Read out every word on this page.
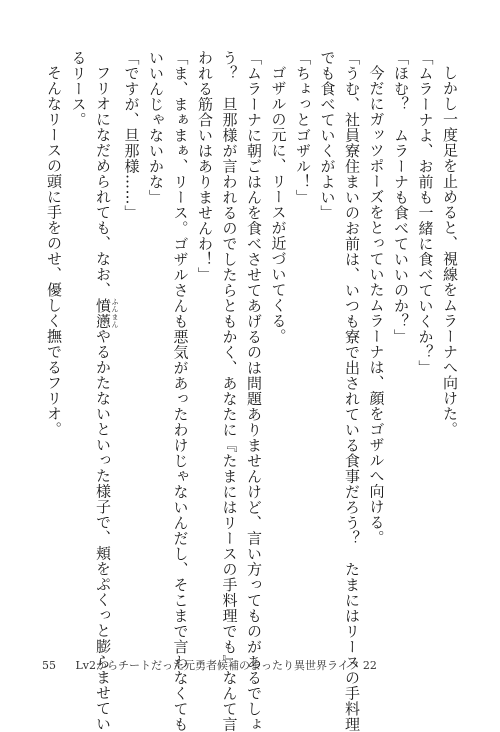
しかし一度足を止めると、視線をムラーナへ向けた。
「ムラーナよ、お前も一緒に食べていくか？」
「ほむ？　ムラーナも食べていいのか？」
今だにガッツポーズをとっていたムラーナは、顔をゴザルへ向ける。
「うむ、社員寮住まいのお前は、いつも寮で出されている食事だろう？　たまにはリースの手料理
でも食べていくがよい」
「ちょっとゴザル！」
ゴザルの元に、リースが近づいてくる。
「ムラーナに朝ごはんを食べさせてあげるのは問題ありませんけど、言い方ってものがあるでしょ
う？　旦那様が言われるのでしたらともかく、あなたに『たまにはリースの手料理でも』なんて言
われる筋合いはありませんわ！」
「ま、まぁまぁ、リース。ゴザルさんも悪気があったわけじゃないんだし、そこまで言わなくても
いいんじゃないかな」
「ですが、旦那様……」
フリオになだめられても、なお、憤懣 ふんまんやるかたないといった様子で、頬をぷくっと膨らませてい
るリース。
そんなリースの頭に手をのせ、優しく撫でるフリオ。
55 Lv2からチートだった元勇者候補のまったり異世界ライフ 22
